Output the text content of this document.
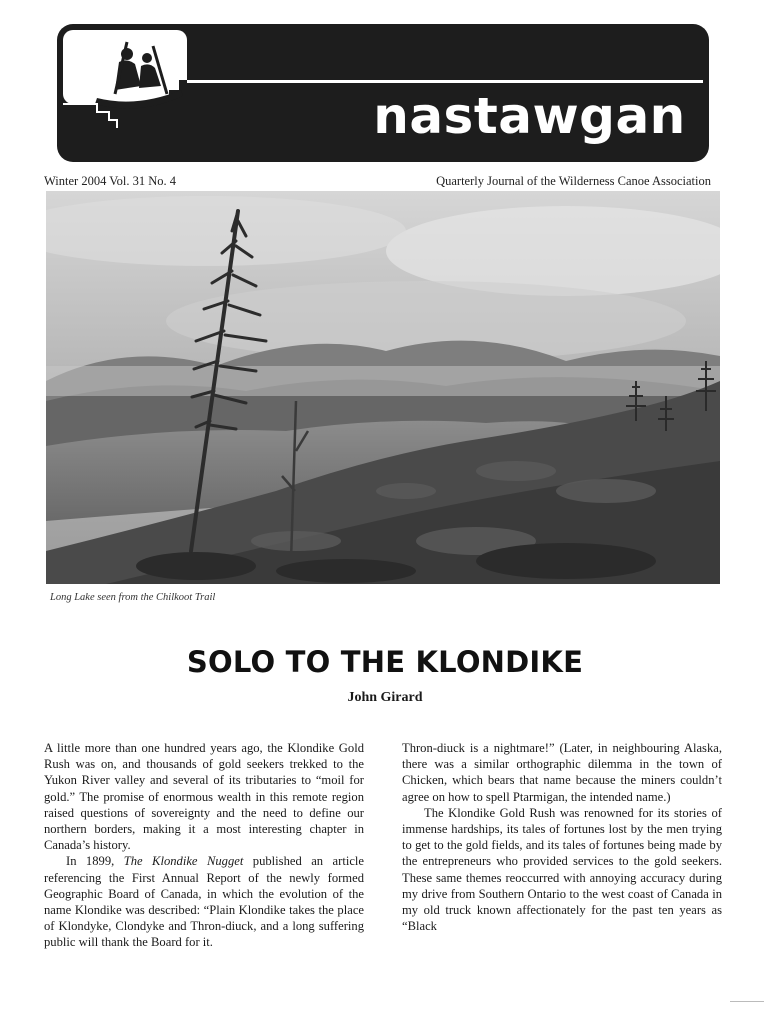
nastawgan
Winter 2004 Vol. 31 No. 4	Quarterly Journal of the Wilderness Canoe Association
Long Lake seen from the Chilkoot Trail
SOLO TO THE KLONDIKE
John Girard

A little more than one hundred years ago, the Klondike Gold Rush was on, and thousands of gold seekers trekked to the Yukon River valley and several of its tributaries to “moil for gold.” The promise of enormous wealth in this remote region raised questions of sovereignty and the need to define our northern borders, making it a most interesting chapter in Canada’s history.

In 1899, The Klondike Nugget published an article referencing the First Annual Report of the newly formed Geographic Board of Canada, in which the evolution of the name Klondike was described: “Plain Klondike takes the place of Klondyke, Clondyke and Thron-diuck, and a long suffering public will thank the Board for it.

Thron-diuck is a nightmare!” (Later, in neighbouring Alaska, there was a similar orthographic dilemma in the town of Chicken, which bears that name because the miners couldn’t agree on how to spell Ptarmigan, the intended name.)

The Klondike Gold Rush was renowned for its stories of immense hardships, its tales of fortunes lost by the men trying to get to the gold fields, and its tales of fortunes being made by the entrepreneurs who provided services to the gold seekers. These same themes reoccurred with annoying accuracy during my drive from Southern Ontario to the west coast of Canada in my old truck known affectionately for the past ten years as “Black
